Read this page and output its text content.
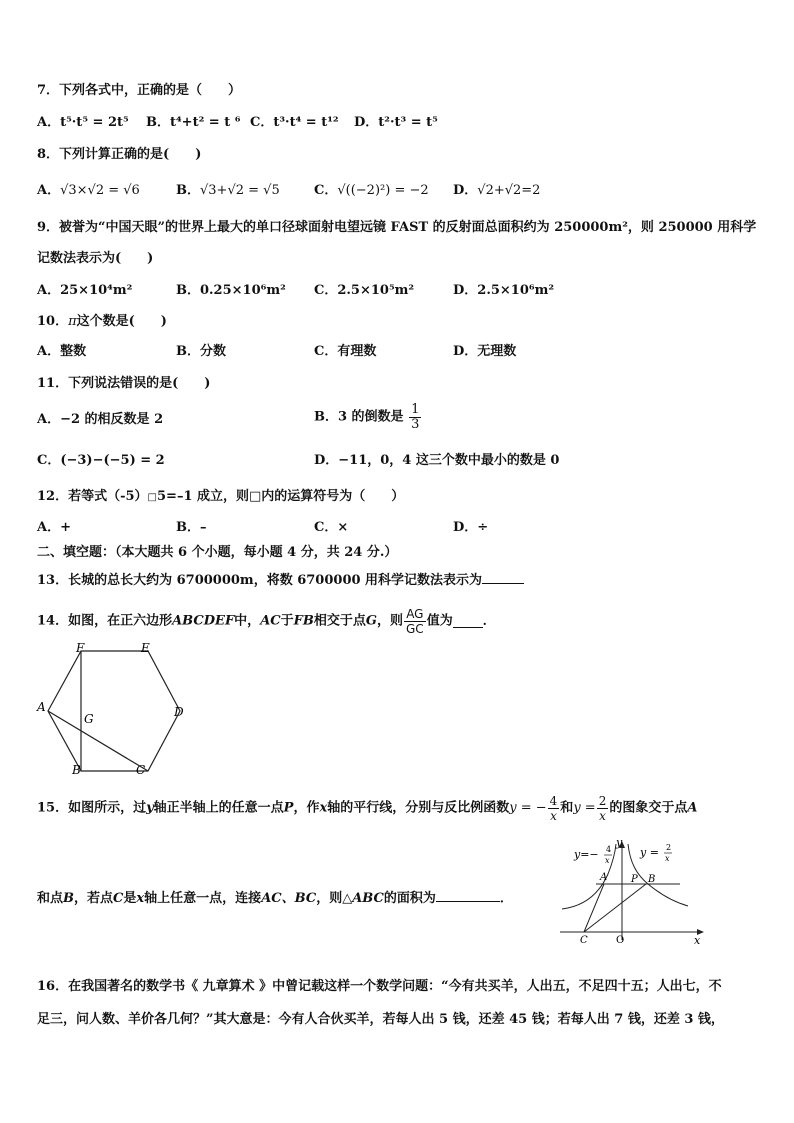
7．下列各式中，正确的是（　　）
A．t⁵·t⁵ = 2t⁵ B．t⁴+t² = t ⁶ C．t³·t⁴ = t¹² D．t²·t³ = t⁵
8．下列计算正确的是(　　)
A．√3×√2 = √6	B．√3+√2 = √5	C．√((−2)²) = −2 D．√2+√2=2
9．被誉为“中国天眼”的世界上最大的单口径球面射电望远镜 FAST 的反射面总面积约为 250000m²，则 250000 用科学
记数法表示为(　　)
A．25×10⁴m²	B．0.25×10⁶m² C．2.5×10⁵m²	D．2.5×10⁶m²
10．π这个数是(　　)
A．整数	B．分数	C．有理数	D．无理数
11．下列说法错误的是(　　)
A．−2 的相反数是 2	B．3 的倒数是 $\frac{1}{3}$
C．(−3)−(−5) = 2	D．−11，0，4 这三个数中最小的数是 0
12．若等式（-5）□5=–1 成立，则□内的运算符号为（　　）
A．+	B．–	C．×	D．÷
二、填空题：（本大题共 6 个小题，每小题 4 分，共 24 分.）
13．长城的总长大约为 6700000m，将数 6700000 用科学记数法表示为
14．如图，在正六边形ABCDEF中，AC于FB相交于点G，则 $\frac{AG}{GC}$ 值为 ．
F	E
A	D
G
B	C
15．如图所示，过y轴正半轴上的任意一点P，作x轴的平行线，分别与反比例函数y = − $\frac{4}{x}$ 和$y = \frac{2}{x}$ 的图象交于点A
和点B，若点C是x轴上任意一点，连接AC、BC，则△ABC的面积为	．
y=− 4
x
y = 2
x
y
A P B
C	O	x
16．在我国著名的数学书《 九章算术 》中曾记载这样一个数学问题：“今有共买羊，人出五，不足四十五；人出七，不
足三，问人数、羊价各几何？”其大意是：今有人合伙买羊，若每人出 5 钱，还差 45 钱；若每人出 7 钱，还差 3 钱，
